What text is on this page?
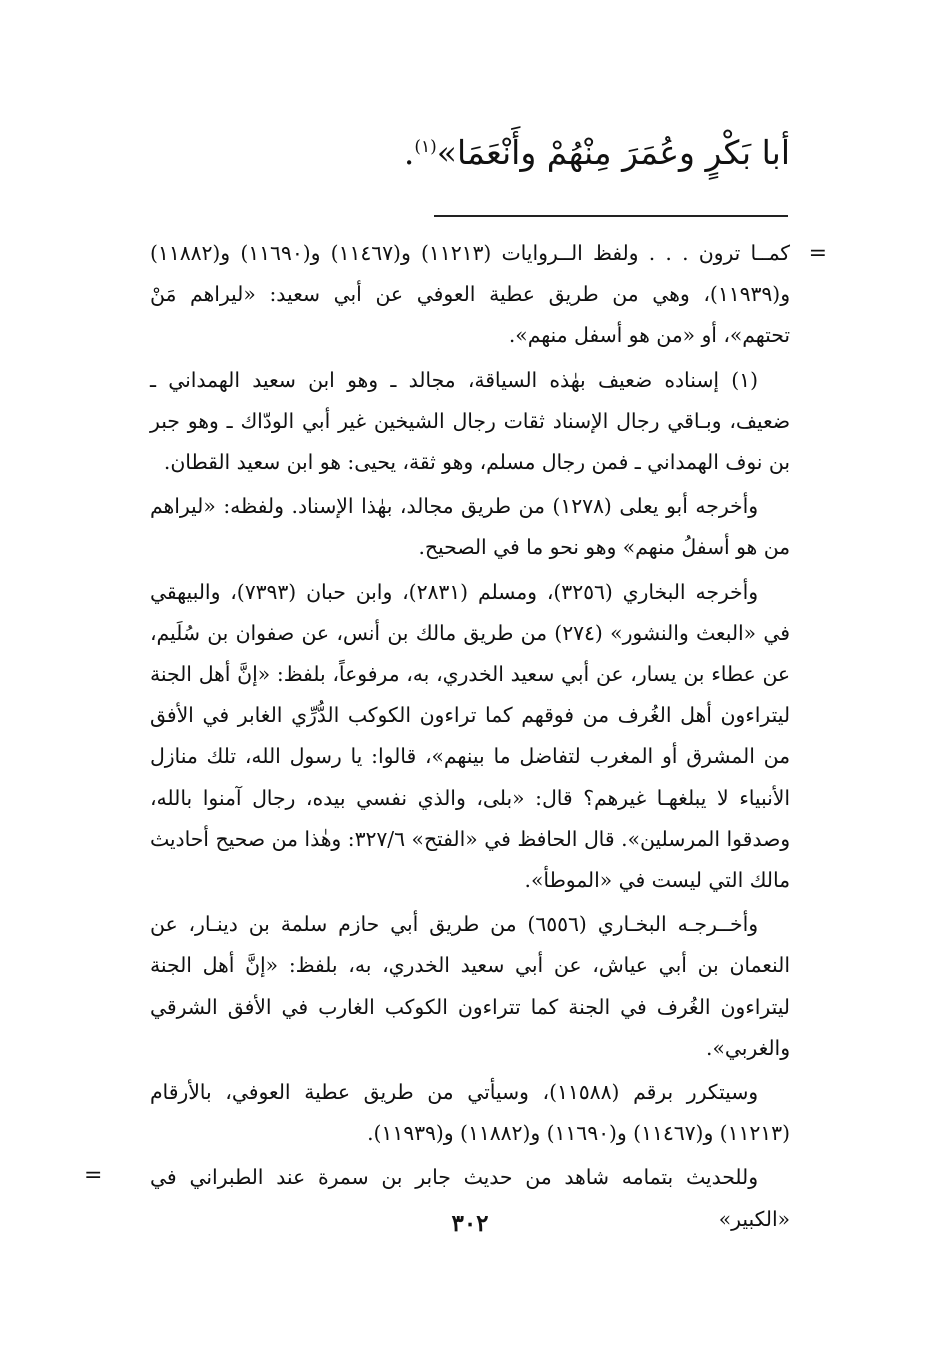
أبا بَكْرٍ وعُمَرَ مِنْهُمْ وأَنْعَمَا»$^{(١)}$.
=

كمــا ترون . . . ولفظ الــروايات (١١٢١٣) و(١١٤٦٧) و(١١٦٩٠) و(١١٨٨٢) و(١١٩٣٩)، وهي من طريق عطية العوفي عن أبي سعيد: «ليراهم مَنْ تحتهم»، أو «من هو أسفل منهم».

(١) إسناده ضعيف بهٰذه السياقة، مجالد ـ وهو ابن سعيد الهمداني ـ ضعيف، وبـاقي رجال الإسناد ثقات رجال الشيخين غير أبي الودّاك ـ وهو جبر بن نوف الهمداني ـ فمن رجال مسلم، وهو ثقة، يحيى: هو ابن سعيد القطان.

وأخرجه أبو يعلى (١٢٧٨) من طريق مجالد، بهٰذا الإسناد. ولفظه: «ليراهم من هو أسفلُ منهم» وهو نحو ما في الصحيح.

وأخرجه البخاري (٣٢٥٦)، ومسلم (٢٨٣١)، وابن حبان (٧٣٩٣)، والبيهقي في «البعث والنشور» (٢٧٤) من طريق مالك بن أنس، عن صفوان بن سُلَيم، عن عطاء بن يسار، عن أبي سعيد الخدري، به، مرفوعاً، بلفظ: «إنَّ أهل الجنة ليتراءون أهل الغُرف من فوقهم كما تراءون الكوكب الدُّرِّي الغابر في الأفق من المشرق أو المغرب لتفاضل ما بينهم»، قالوا: يا رسول الله، تلك منازل الأنبياء لا يبلغهـا غيرهم؟ قال: «بلى، والذي نفسي بيده، رجال آمنوا بالله، وصدقوا المرسلين». قال الحافظ في «الفتح» ٣٢٧/٦: وهٰذا من صحيح أحاديث مالك التي ليست في «الموطأ».

وأخــرجـه البخـاري (٦٥٥٦) من طريق أبي حازم سلمة بن دينـار، عن النعمان بن أبي عياش، عن أبي سعيد الخدري، به، بلفظ: «إنَّ أهل الجنة ليتراءون الغُرف في الجنة كما تتراءون الكوكب الغارب في الأفق الشرقي والغربي».

وسيتكرر برقم (١١٥٨٨)، وسيأتي من طريق عطية العوفي، بالأرقام (١١٢١٣) و(١١٤٦٧) و(١١٦٩٠) و(١١٨٨٢) و(١١٩٣٩).

وللحديث بتمامه شاهد من حديث جابر بن سمرة عند الطبراني في «الكبير»

=
٣٠٢
